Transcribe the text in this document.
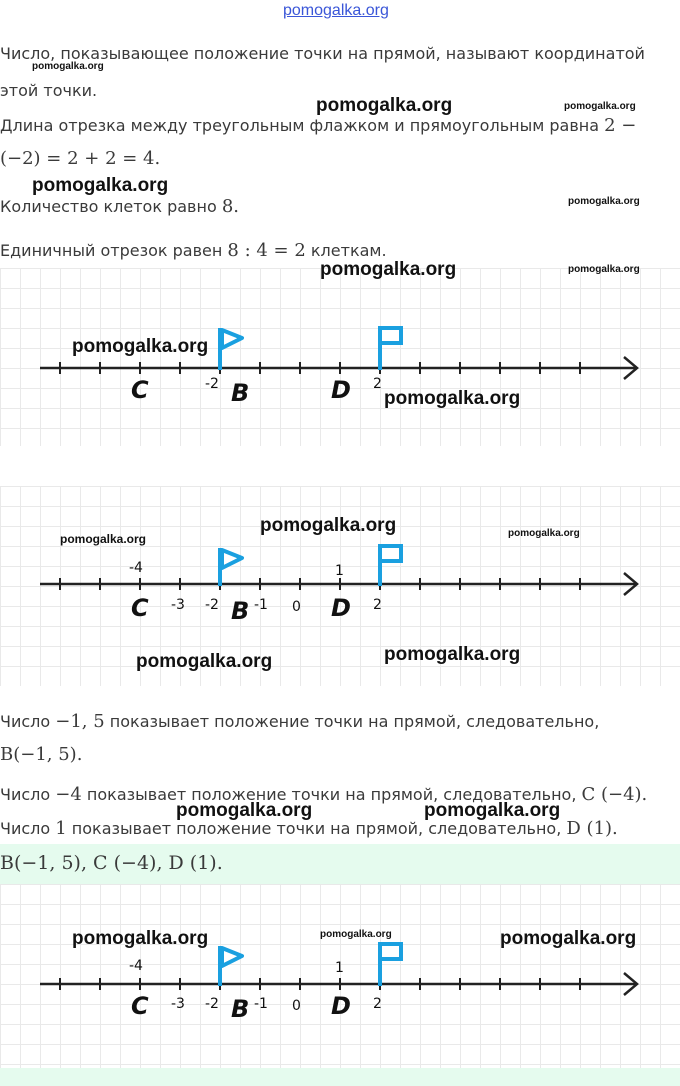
pomogalka.org
Число, показывающее положение точки на прямой, называют координатой
этой точки.
Длина отрезка между треугольным флажком и прямоугольным равна 2 −
(−2) = 2 + 2 = 4.
Количество клеток равно 8.
Единичный отрезок равен 8 : 4 = 2 клеткам.
-2	2
C	B	D
-4	1
-3 -2	-1 0	2
C	B	D
Число −1, 5 показывает положение точки на прямой, следовательно,
B(−1, 5).
Число −4 показывает положение точки на прямой, следовательно, C (−4).
Число 1 показывает положение точки на прямой, следовательно, D (1).
B(−1, 5), C (−4), D (1).
-4	1
-3 -2	-1 0	2
C	B	D
pomogalka.org
pomogalka.org	pomogalka.org
pomogalka.org
pomogalka.org
pomogalka.org	pomogalka.org
pomogalka.org
pomogalka.org
pomogalka.org
pomogalka.org	pomogalka.org
pomogalka.org	pomogalka.org
pomogalka.org	pomogalka.org
pomogalka.org	pomogalka.org	pomogalka.org
